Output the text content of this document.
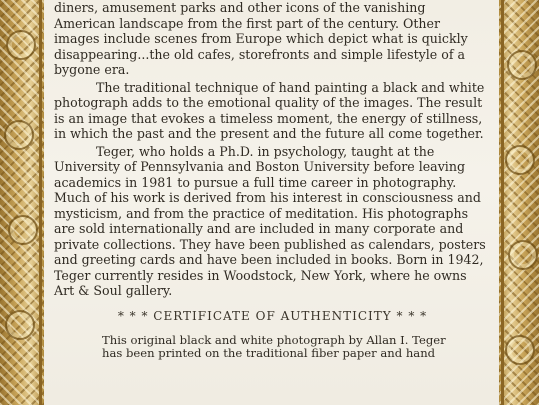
diners, amusement parks and other icons of the vanishing
American landscape from the first part of the century. Other
images include scenes from Europe which depict what is quickly
disappearing...the old cafes, storefronts and simple lifestyle of a
bygone era.
The traditional technique of hand painting a black and white
photograph adds to the emotional quality of the images. The result
is an image that evokes a timeless moment, the energy of stillness,
in which the past and the present and the future all come together.
Teger, who holds a Ph.D. in psychology, taught at the
University of Pennsylvania and Boston University before leaving
academics in 1981 to pursue a full time career in photography.
Much of his work is derived from his interest in consciousness and
mysticism, and from the practice of meditation. His photographs
are sold internationally and are included in many corporate and
private collections. They have been published as calendars, posters
and greeting cards and have been included in books. Born in 1942,
Teger currently resides in Woodstock, New York, where he owns
Art & Soul gallery.
* * * CERTIFICATE OF AUTHENTICITY * * *
This original black and white photograph by Allan I. Teger
has been printed on the traditional fiber paper and hand
